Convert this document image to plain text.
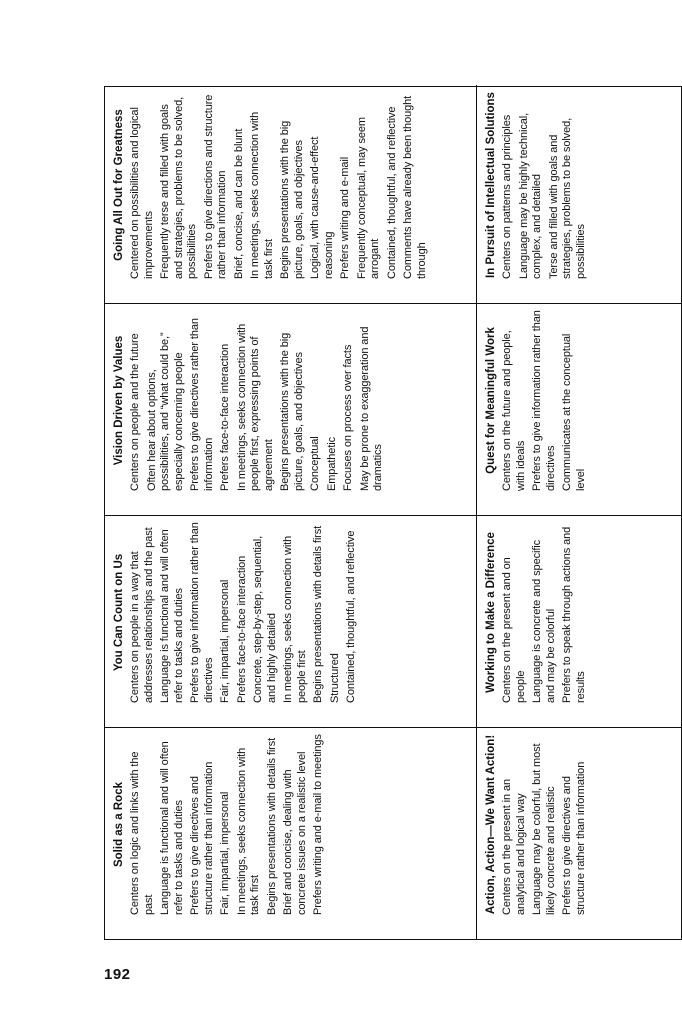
192
Solid as a Rock Centers on logic and links with the past Language is functional and will often refer to tasks and duties Prefers to give directives and structure rather than information Fair, impartial, impersonal In meetings, seeks connection with task first Begins presentations with details first Brief and concise, dealing with concrete issues on a realistic level Prefers writing and e-mail to meetings
You Can Count on Us Centers on people in a way that addresses relationships and the past Language is functional and will often refer to tasks and duties Prefers to give information rather than directives Fair, impartial, impersonal Prefers face-to-face interaction Concrete, step-by-step, sequential, and highly detailed In meetings, seeks connection with people first Begins presentations with details first Structured Contained, thoughtful, and reflective
Vision Driven by Values Centers on people and the future Often hear about options, possibilities, and “what could be,” especially concerning people Prefers to give directives rather than information Prefers face-to-face interaction In meetings, seeks connection with people first, expressing points of agreement Begins presentations with the big picture, goals, and objectives Conceptual Empathetic Focuses on process over facts May be prone to exaggeration and dramatics
Going All Out for Greatness Centered on possibilities and logical improvements Frequently terse and filled with goals and strategies, problems to be solved, possibilities Prefers to give directions and structure rather than information Brief, concise, and can be blunt In meetings, seeks connection with task first Begins presentations with the big picture, goals, and objectives Logical, with cause-and-effect reasoning Prefers writing and e-mail Frequently conceptual, may seem arrogant Contained, thoughtful, and reflective Comments have already been thought through
Action, Action—We Want Action! Centers on the present in an analytical and logical way Language may be colorful, but most likely concrete and realistic Prefers to give directives and structure rather than information
Working to Make a Difference Centers on the present and on people Language is concrete and specific and may be colorful Prefers to speak through actions and results
Quest for Meaningful Work Centers on the future and people, with ideals Prefers to give information rather than directives Communicates at the conceptual level
In Pursuit of Intellectual Solutions Centers on patterns and principles Language may be highly technical, complex, and detailed Terse and filled with goals and strategies, problems to be solved, possibilities
